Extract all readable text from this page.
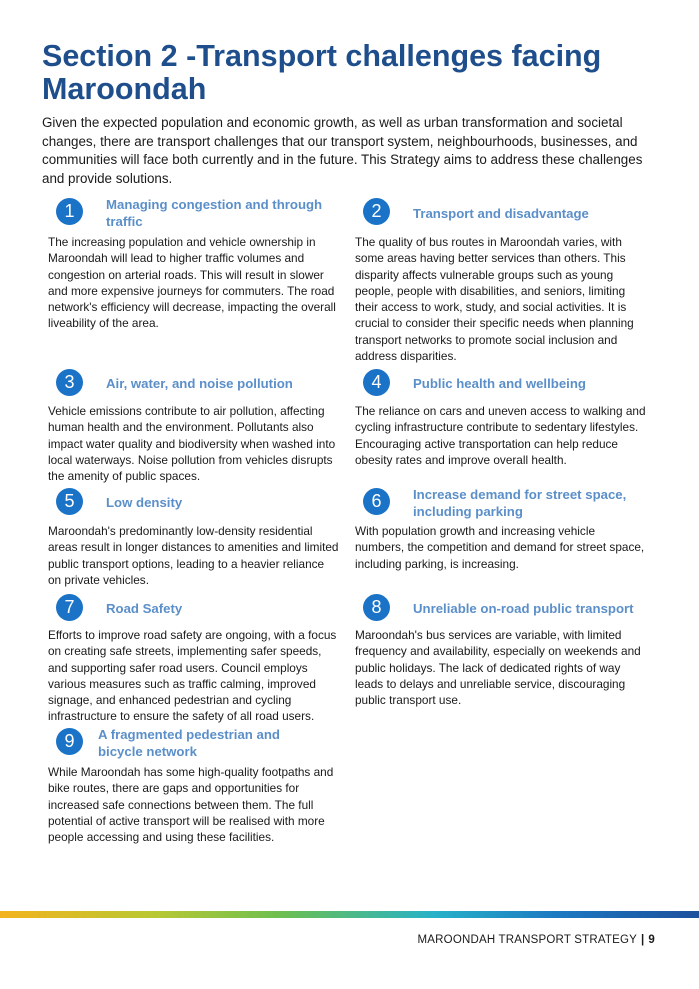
Section 2 -Transport challenges facing Maroondah

Given the expected population and economic growth, as well as urban transformation and societal changes, there are transport challenges that our transport system, neighbourhoods, businesses, and communities will face both currently and in the future. This Strategy aims to address these challenges and provide solutions.

1	Managing congestion and through traffic

The increasing population and vehicle ownership in Maroondah will lead to higher traffic volumes and congestion on arterial roads. This will result in slower and more expensive journeys for commuters. The road network's efficiency will decrease, impacting the overall liveability of the area.

2	Transport and disadvantage

The quality of bus routes in Maroondah varies, with some areas having better services than others. This disparity affects vulnerable groups such as young people, people with disabilities, and seniors, limiting their access to work, study, and social activities. It is crucial to consider their specific needs when planning transport networks to promote social inclusion and address disparities.

3	Air, water, and noise pollution

Vehicle emissions contribute to air pollution, affecting human health and the environment. Pollutants also impact water quality and biodiversity when washed into local waterways. Noise pollution from vehicles disrupts the amenity of public spaces.

4	Public health and wellbeing

The reliance on cars and uneven access to walking and cycling infrastructure contribute to sedentary lifestyles. Encouraging active transportation can help reduce obesity rates and improve overall health.

5	Low density

Maroondah's predominantly low-density residential areas result in longer distances to amenities and limited public transport options, leading to a heavier reliance on private vehicles.

6	Increase demand for street space, including parking

With population growth and increasing vehicle numbers, the competition and demand for street space, including parking, is increasing.

7	Road Safety

Efforts to improve road safety are ongoing, with a focus on creating safe streets, implementing safer speeds, and supporting safer road users. Council employs various measures such as traffic calming, improved signage, and enhanced pedestrian and cycling infrastructure to ensure the safety of all road users.

8	Unreliable on-road public transport

Maroondah's bus services are variable, with limited frequency and availability, especially on weekends and public holidays. The lack of dedicated rights of way leads to delays and unreliable service, discouraging public transport use.

9	A fragmented pedestrian and bicycle network

While Maroondah has some high-quality footpaths and bike routes, there are gaps and opportunities for increased safe connections between them. The full potential of active transport will be realised with more people accessing and using these facilities.

MAROONDAH TRANSPORT STRATEGY | 9
